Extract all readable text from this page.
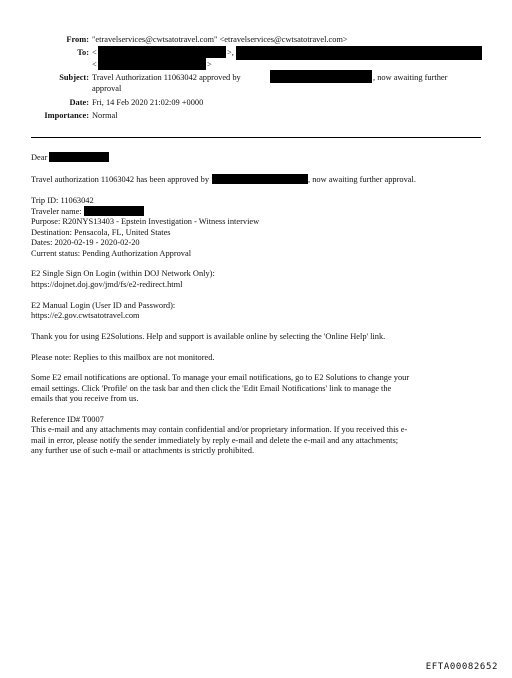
From: "etravelservices@cwtsatotravel.com" <etravelservices@cwtsatotravel.com>
To: <	>,
<	>
Subject: Travel Authorization 11063042 approved by	, now awaiting further
approval
Date: Fri, 14 Feb 2020 21:02:09 +0000
Importance: Normal

Dear

Travel authorization 11063042 has been approved by	, now awaiting further approval.

Trip ID: 11063042

Traveler name:

Purpose: R20NYS13403 - Epstein Investigation - Witness interview

Destination: Pensacola, FL, United States

Dates: 2020-02-19 - 2020-02-20

Current status: Pending Authorization Approval

E2 Single Sign On Login (within DOJ Network Only):

https://dojnet.doj.gov/jmd/fs/e2-redirect.html

E2 Manual Login (User ID and Password):

https://e2.gov.cwtsatotravel.com

Thank you for using E2Solutions. Help and support is available online by selecting the 'Online Help' link.

Please note: Replies to this mailbox are not monitored.

Some E2 email notifications are optional. To manage your email notifications, go to E2 Solutions to change your

email settings. Click 'Profile' on the task bar and then click the 'Edit Email Notifications' link to manage the

emails that you receive from us.

Reference ID# T0007

This e-mail and any attachments may contain confidential and/or proprietary information. If you received this e-

mail in error, please notify the sender immediately by reply e-mail and delete the e-mail and any attachments;

any further use of such e-mail or attachments is strictly prohibited.

EFTA00082652
